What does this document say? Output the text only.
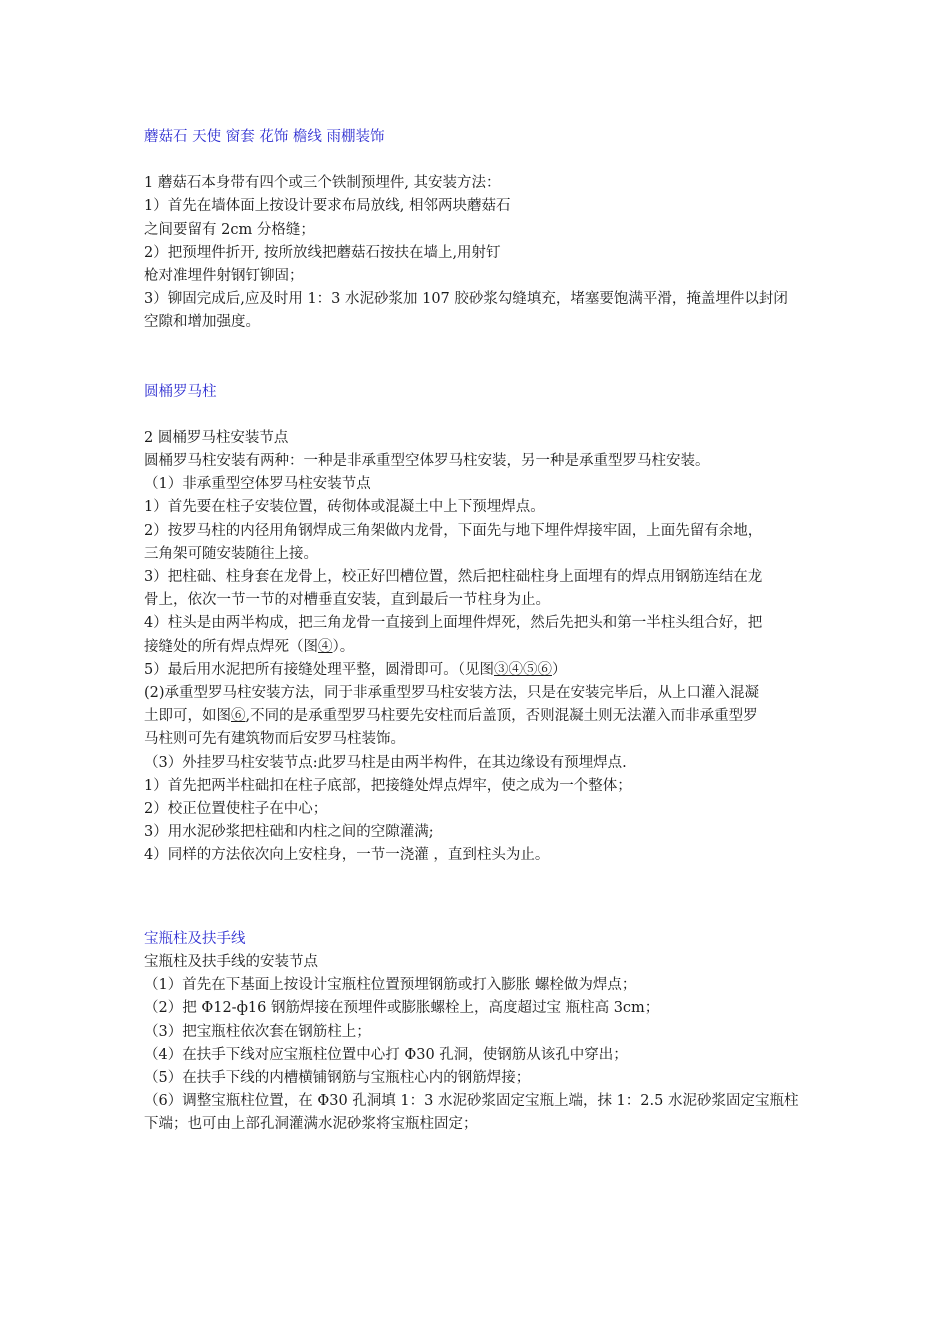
蘑菇石 天使 窗套 花饰 檐线 雨棚装饰

1 蘑菇石本身带有四个或三个铁制预埋件, 其安装方法：

1）首先在墙体面上按设计要求布局放线, 相邻两块蘑菇石

之间要留有 2cm 分格缝；

2）把预埋件折开, 按所放线把蘑菇石按扶在墙上,用射钉

枪对准埋件射钢钉铆固；

3）铆固完成后,应及时用 1：3 水泥砂浆加 107 胶砂浆勾缝填充，堵塞要饱满平滑，掩盖埋件以封闭

空隙和增加强度。

圆桶罗马柱

2 圆桶罗马柱安装节点

圆桶罗马柱安装有两种：一种是非承重型空体罗马柱安装，另一种是承重型罗马柱安装。

（1）非承重型空体罗马柱安装节点

1）首先要在柱子安装位置，砖彻体或混凝土中上下预埋焊点。

2）按罗马柱的内径用角钢焊成三角架做内龙骨，下面先与地下埋件焊接牢固，上面先留有余地，

三角架可随安装随往上接。

3）把柱础、柱身套在龙骨上，校正好凹槽位置，然后把柱础柱身上面埋有的焊点用钢筋连结在龙

骨上，依次一节一节的对槽垂直安装，直到最后一节柱身为止。

4）柱头是由两半构成，把三角龙骨一直接到上面埋件焊死，然后先把头和第一半柱头组合好，把

接缝处的所有焊点焊死（图④）。

5）最后用水泥把所有接缝处理平整，圆滑即可。（见图③④⑤⑥）

(2)承重型罗马柱安装方法，同于非承重型罗马柱安装方法，只是在安装完毕后，从上口灌入混凝

土即可，如图⑥,不同的是承重型罗马柱要先安柱而后盖顶，否则混凝土则无法灌入而非承重型罗

马柱则可先有建筑物而后安罗马柱装饰。

（3）外挂罗马柱安装节点:此罗马柱是由两半构件，在其边缘设有预埋焊点.

1）首先把两半柱础扣在柱子底部，把接缝处焊点焊牢，使之成为一个整体；

2）校正位置使柱子在中心；

3）用水泥砂浆把柱础和内柱之间的空隙灌满;

4）同样的方法依次向上安柱身，一节一浇灌 ，直到柱头为止。

宝瓶柱及扶手线

宝瓶柱及扶手线的安装节点

（1）首先在下基面上按设计宝瓶柱位置预埋钢筋或打入膨胀 螺栓做为焊点；

（2）把 Φ12-ф16 钢筋焊接在预埋件或膨胀螺栓上，高度超过宝 瓶柱高 3cm；

（3）把宝瓶柱依次套在钢筋柱上；

（4）在扶手下线对应宝瓶柱位置中心打 Φ30 孔洞，使钢筋从该孔中穿出；

（5）在扶手下线的内槽横铺钢筋与宝瓶柱心内的钢筋焊接；

（6）调整宝瓶柱位置，在 Φ30 孔洞填 1：3 水泥砂浆固定宝瓶上端，抹 1：2.5 水泥砂浆固定宝瓶柱

下端；也可由上部孔洞灌满水泥砂浆将宝瓶柱固定；
